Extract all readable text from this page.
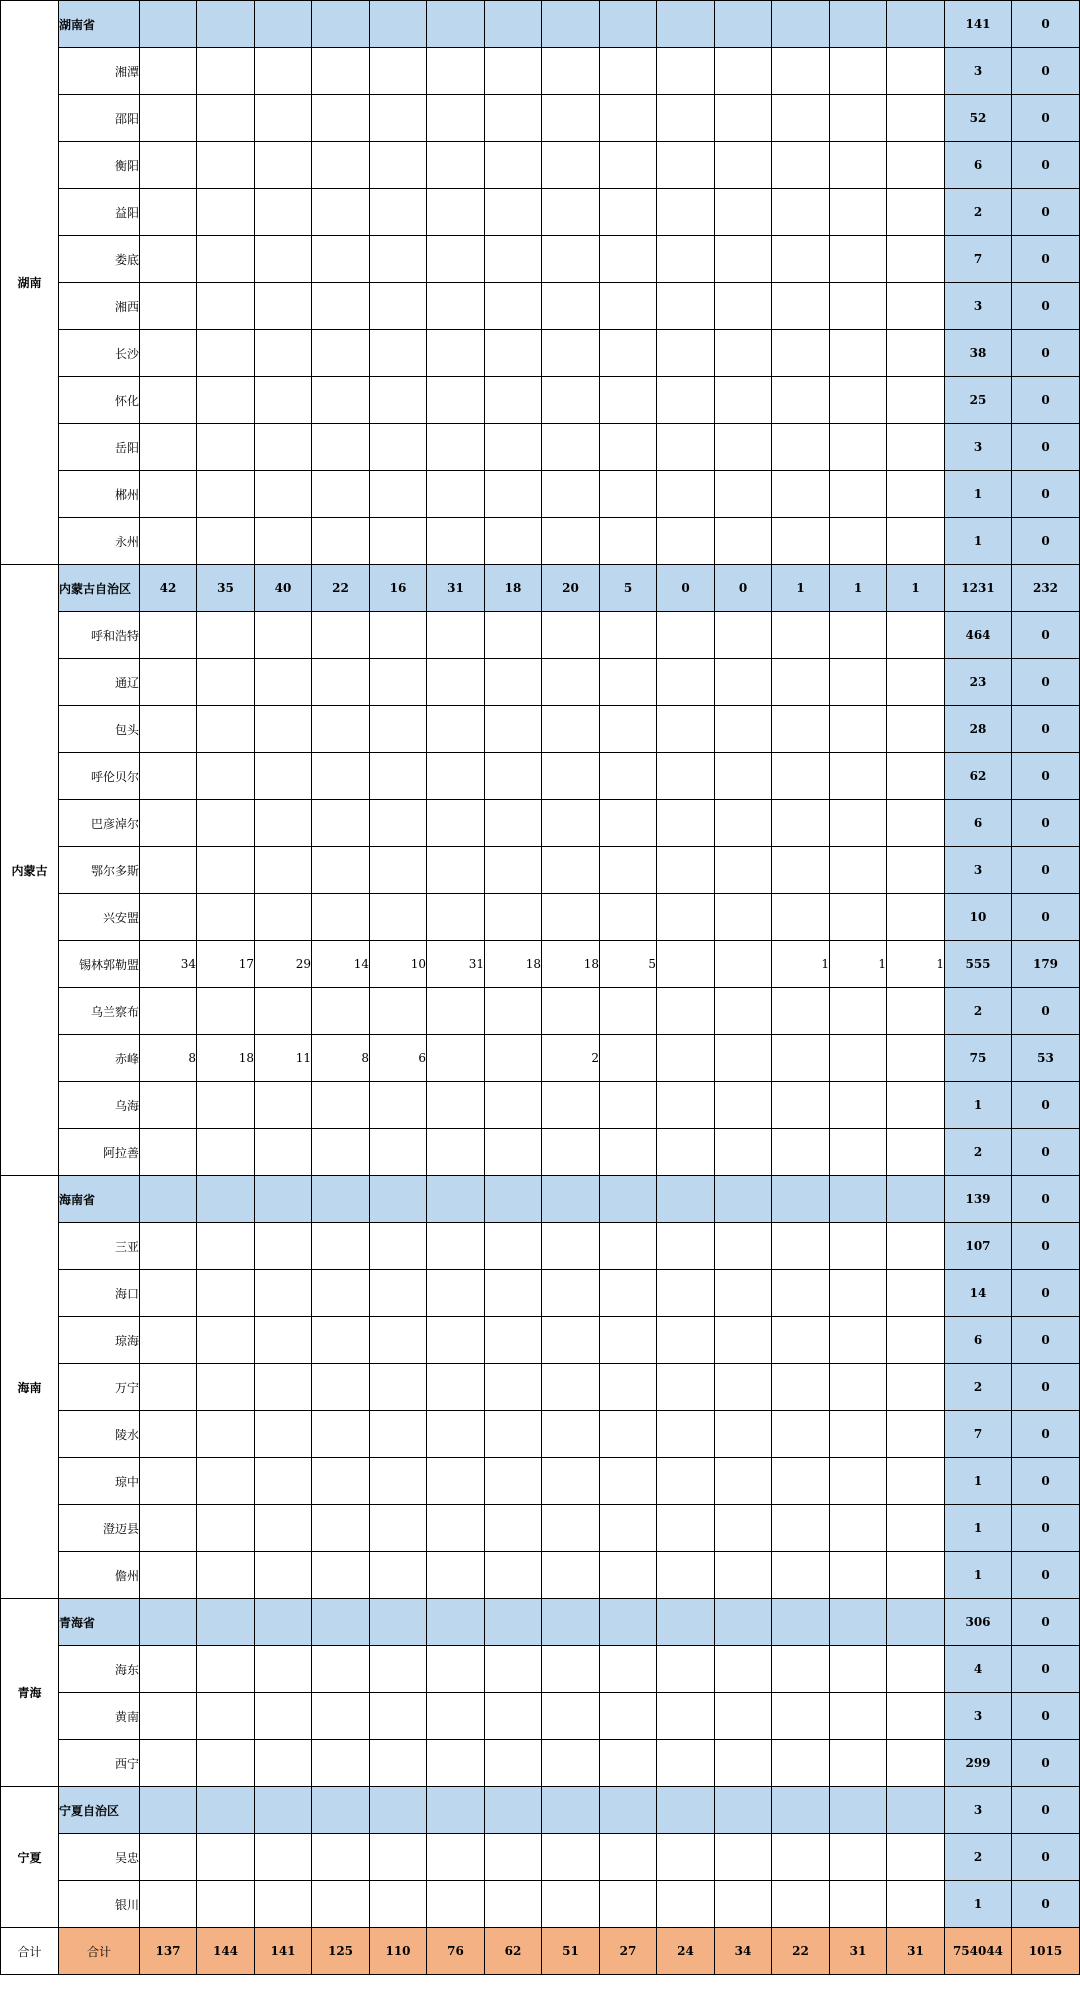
湖南	湖南省															141	0
	湘潭															3	0
	邵阳															52	0
	衡阳															6	0
	益阳															2	0
	娄底															7	0
	湘西															3	0
	长沙															38	0
	怀化															25	0
	岳阳															3	0
	郴州															1	0
	永州															1	0
内蒙古	内蒙古自治区	42	35	40	22	16	31	18	20	5	0	0	1	1	1	1231	232
	呼和浩特															464	0
	通辽															23	0
	包头															28	0
	呼伦贝尔															62	0
	巴彦淖尔															6	0
	鄂尔多斯															3	0
	兴安盟															10	0
	锡林郭勒盟	34	17	29	14	10	31	18	18	5			1	1	1	555	179
	乌兰察布															2	0
	赤峰	8	18	11	8	6			2							75	53
	乌海															1	0
	阿拉善															2	0
海南	海南省															139	0
	三亚															107	0
	海口															14	0
	琼海															6	0
	万宁															2	0
	陵水															7	0
	琼中															1	0
	澄迈县															1	0
	儋州															1	0
青海	青海省															306	0
	海东															4	0
	黄南															3	0
	西宁															299	0
宁夏	宁夏自治区															3	0
	吴忠															2	0
	银川															1	0
合计	合计	137	144	141	125	110	76	62	51	27	24	34	22	31	31	754044	1015
